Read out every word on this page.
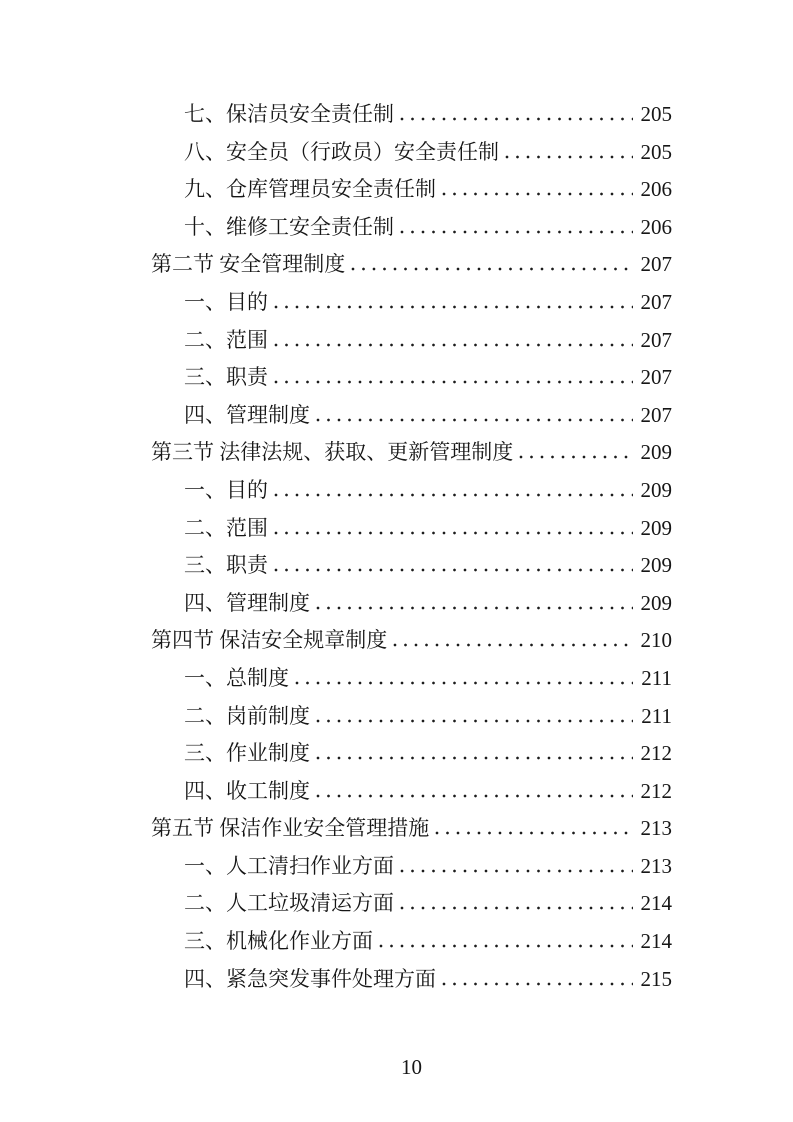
七、保洁员安全责任制	205
八、安全员（行政员）安全责任制	205
九、仓库管理员安全责任制	206
十、维修工安全责任制	206
第二节 安全管理制度	207
一、目的	207
二、范围	207
三、职责	207
四、管理制度	207
第三节 法律法规、获取、更新管理制度	209
一、目的	209
二、范围	209
三、职责	209
四、管理制度	209
第四节 保洁安全规章制度	210
一、总制度	211
二、岗前制度	211
三、作业制度	212
四、收工制度	212
第五节 保洁作业安全管理措施	213
一、人工清扫作业方面	213
二、人工垃圾清运方面	214
三、机械化作业方面	214
四、紧急突发事件处理方面	215
10
